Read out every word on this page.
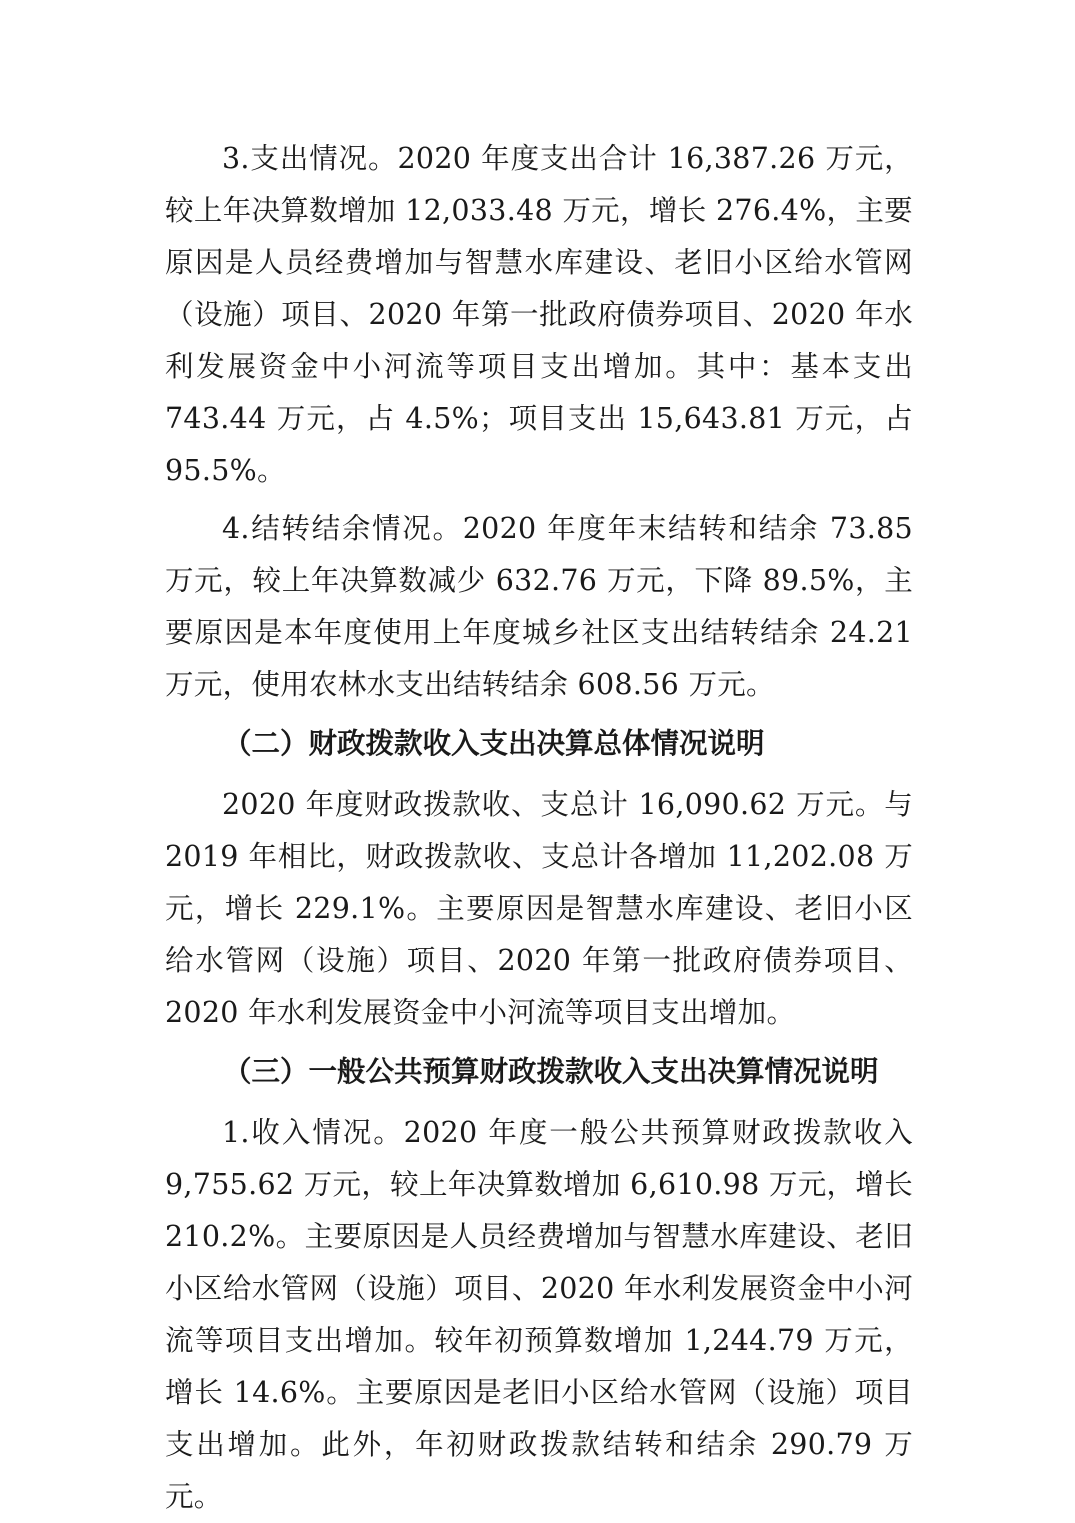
3.支出情况。2020 年度支出合计 16,387.26 万元，较上年决算数增加 12,033.48 万元，增长 276.4%，主要原因是人员经费增加与智慧水库建设、老旧小区给水管网（设施）项目、2020 年第一批政府债券项目、2020 年水利发展资金中小河流等项目支出增加。其中：基本支出 743.44 万元，占 4.5%；项目支出 15,643.81 万元，占 95.5%。

4.结转结余情况。2020 年度年末结转和结余 73.85 万元，较上年决算数减少 632.76 万元，下降 89.5%，主要原因是本年度使用上年度城乡社区支出结转结余 24.21 万元，使用农林水支出结转结余 608.56 万元。

（二）财政拨款收入支出决算总体情况说明

2020 年度财政拨款收、支总计 16,090.62 万元。与 2019 年相比，财政拨款收、支总计各增加 11,202.08 万元，增长 229.1%。主要原因是智慧水库建设、老旧小区给水管网（设施）项目、2020 年第一批政府债券项目、2020 年水利发展资金中小河流等项目支出增加。

（三）一般公共预算财政拨款收入支出决算情况说明

1.收入情况。2020 年度一般公共预算财政拨款收入 9,755.62 万元，较上年决算数增加 6,610.98 万元，增长 210.2%。主要原因是人员经费增加与智慧水库建设、老旧小区给水管网（设施）项目、2020 年水利发展资金中小河流等项目支出增加。较年初预算数增加 1,244.79 万元，增长 14.6%。主要原因是老旧小区给水管网（设施）项目支出增加。此外，年初财政拨款结转和结余 290.79 万元。
